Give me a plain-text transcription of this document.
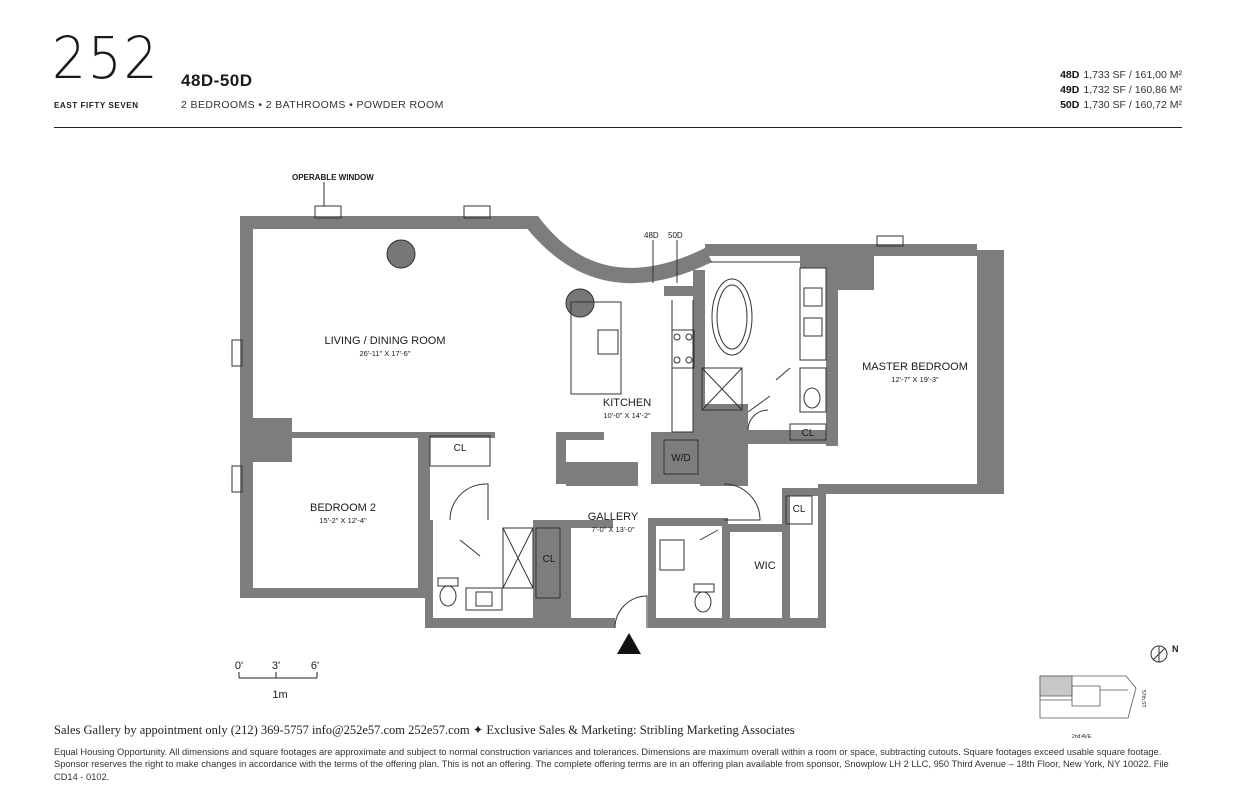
252
EAST FIFTY SEVEN
48D-50D
2 BEDROOMS • 2 BATHROOMS • POWDER ROOM
48D 1,733 SF / 161,00 M²
49D 1,732 SF / 160,86 M²
50D 1,730 SF / 160,72 M²
OPERABLE WINDOW
48D 50D
LIVING / DINING ROOM
26'-11" X 17'-6"
KITCHEN
10'-0" X 14'-2"
MASTER BEDROOM
12'-7" X 19'-3"
BEDROOM 2
15'-2" X 12'-4"	GALLERY
7'-0" X 13'-0"
WIC
W/D
CL
CL
CL
CL
0'	3'	6'
1m
N
57th ST.
2nd AVE.
Sales Gallery by appointment only (212) 369-5757 info@252e57.com 252e57.com ✦ Exclusive Sales & Marketing: Stribling Marketing Associates
Equal Housing Opportunity. All dimensions and square footages are approximate and subject to normal construction variances and tolerances. Dimensions are maximum overall within a room or space, subtracting cutouts. Square footages exceed usable square footage. Sponsor reserves the right to make changes in accordance with the terms of the offering plan. This is not an offering. The complete offering terms are in an offering plan available from sponsor, Snowplow LH 2 LLC, 950 Third Avenue – 18th Floor, New York, NY 10022. File CD14 - 0102.
